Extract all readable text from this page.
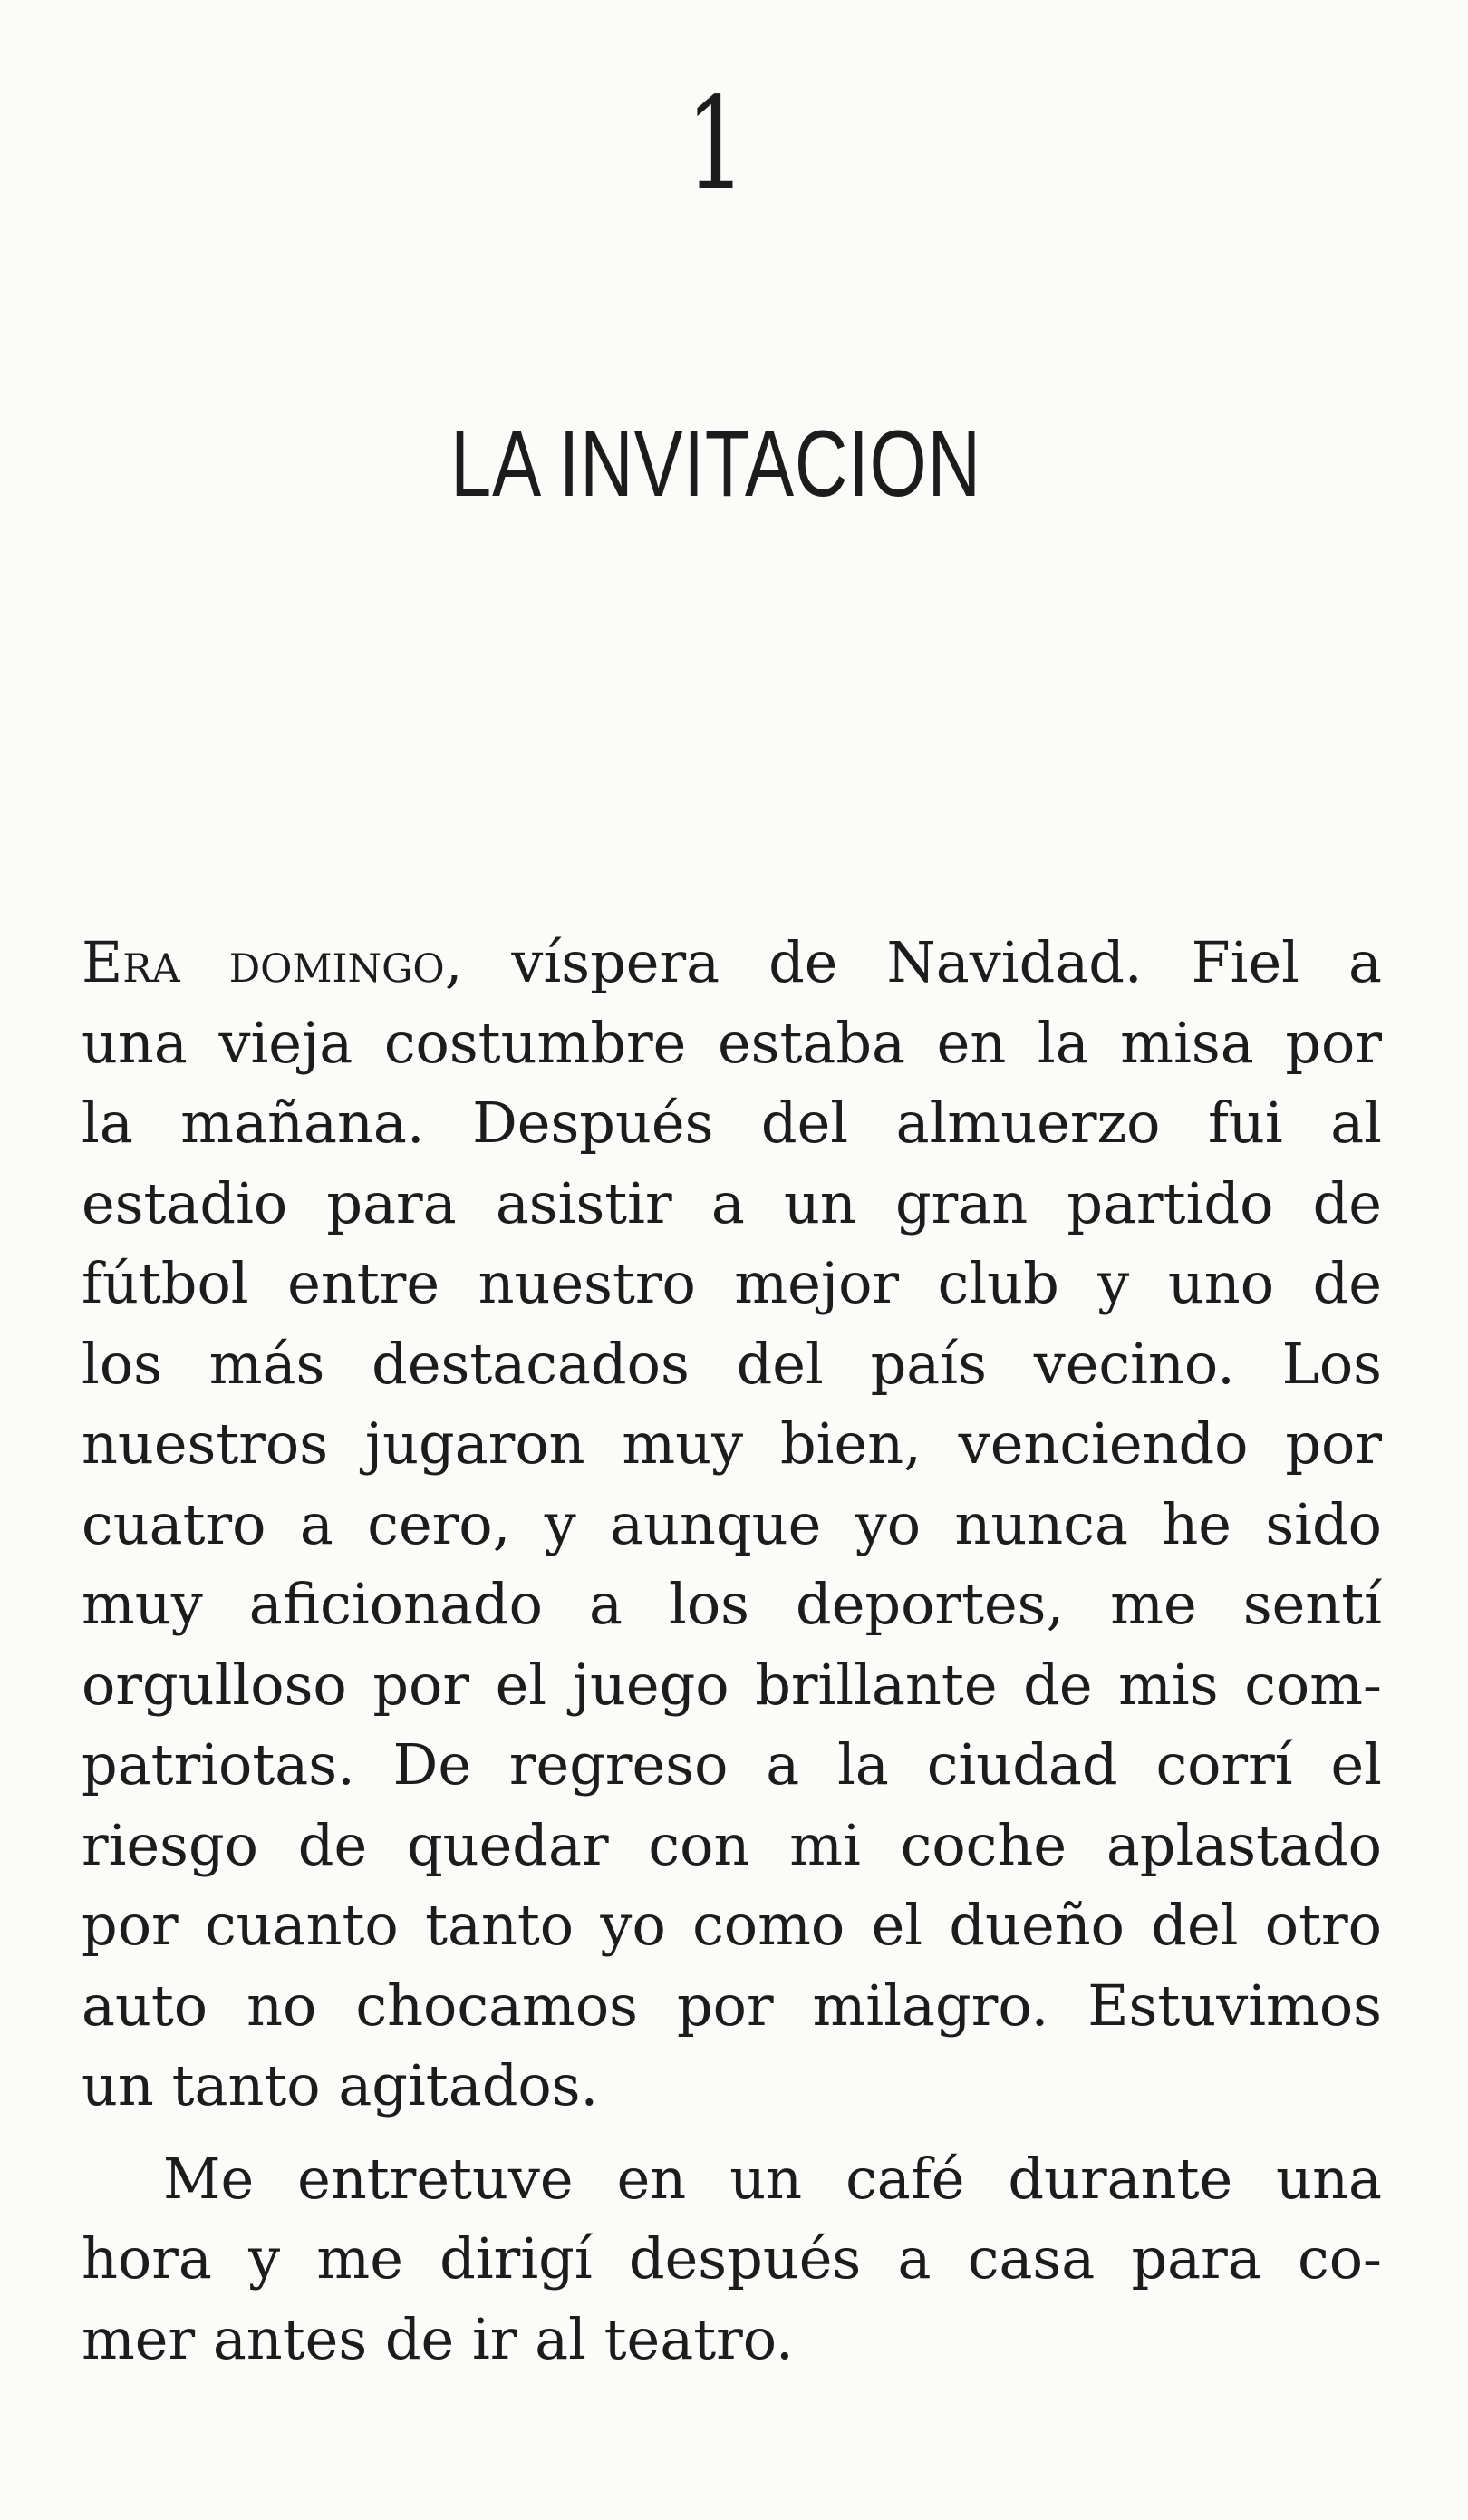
1
LA INVITACION
Era domingo, víspera de Navidad. Fiel a
una vieja costumbre estaba en la misa por
la mañana. Después del almuerzo fui al
estadio para asistir a un gran partido de
fútbol entre nuestro mejor club y uno de
los más destacados del país vecino. Los
nuestros jugaron muy bien, venciendo por
cuatro a cero, y aunque yo nunca he sido
muy aficionado a los deportes, me sentí
orgulloso por el juego brillante de mis com-
patriotas. De regreso a la ciudad corrí el
riesgo de quedar con mi coche aplastado
por cuanto tanto yo como el dueño del otro
auto no chocamos por milagro. Estuvimos
un tanto agitados.
Me entretuve en un café durante una
hora y me dirigí después a casa para co-
mer antes de ir al teatro.
